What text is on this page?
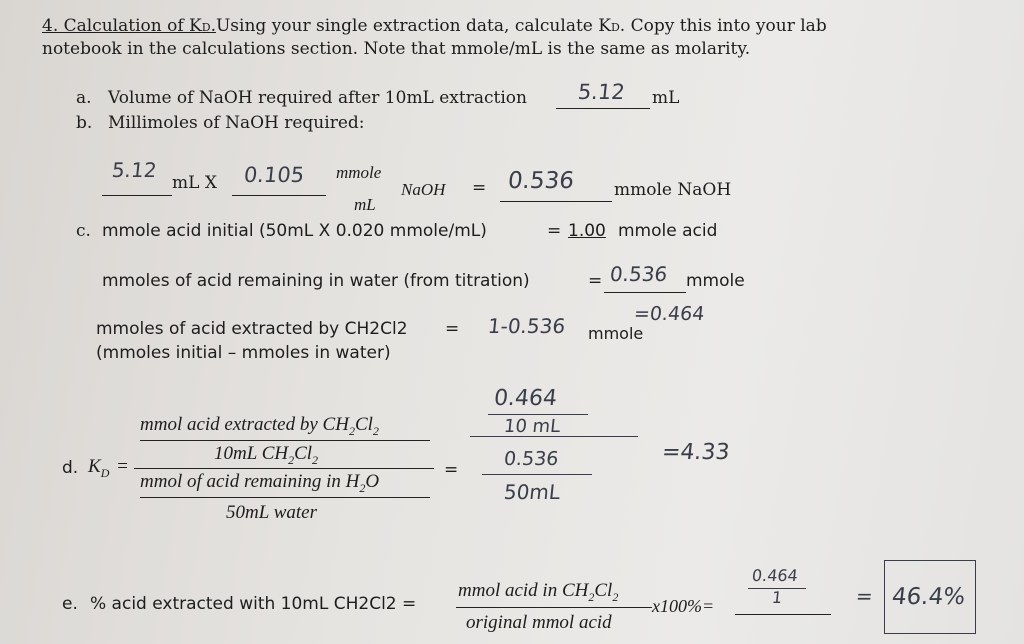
4. Calculation of KD.Using your single extraction data, calculate KD. Copy this into your lab
notebook in the calculations section. Note that mmole/mL is the same as molarity.
a. Volume of NaOH required after 10mL extraction 5.12 mL
b. Millimoles of NaOH required:
5.12
mL X 0.105 mmole
mL
NaOH = 0.536 mmole NaOH
c. mmole acid initial (50mL X 0.020 mmole/mL)	= 1.00 mmole acid
mmoles of acid remaining in water (from titration)	= 0.536 mmole
mmoles of acid extracted by CH2Cl2 = 1-0.536	=0.464
mmole
(mmoles initial – mmoles in water)
d. $K_D$ =
mmol acid extracted by $CH_2Cl_2$
10mL $CH_2Cl_2$
mmol of acid remaining in $H_2O$
50mL water
=
0.464
10 mL
0.536
50mL
=4.33
e. % acid extracted with 10mL CH2Cl2 =
mmol acid in $CH_2Cl_2$
original mmol acid
x100%=
0.464
1	= 46.4%
